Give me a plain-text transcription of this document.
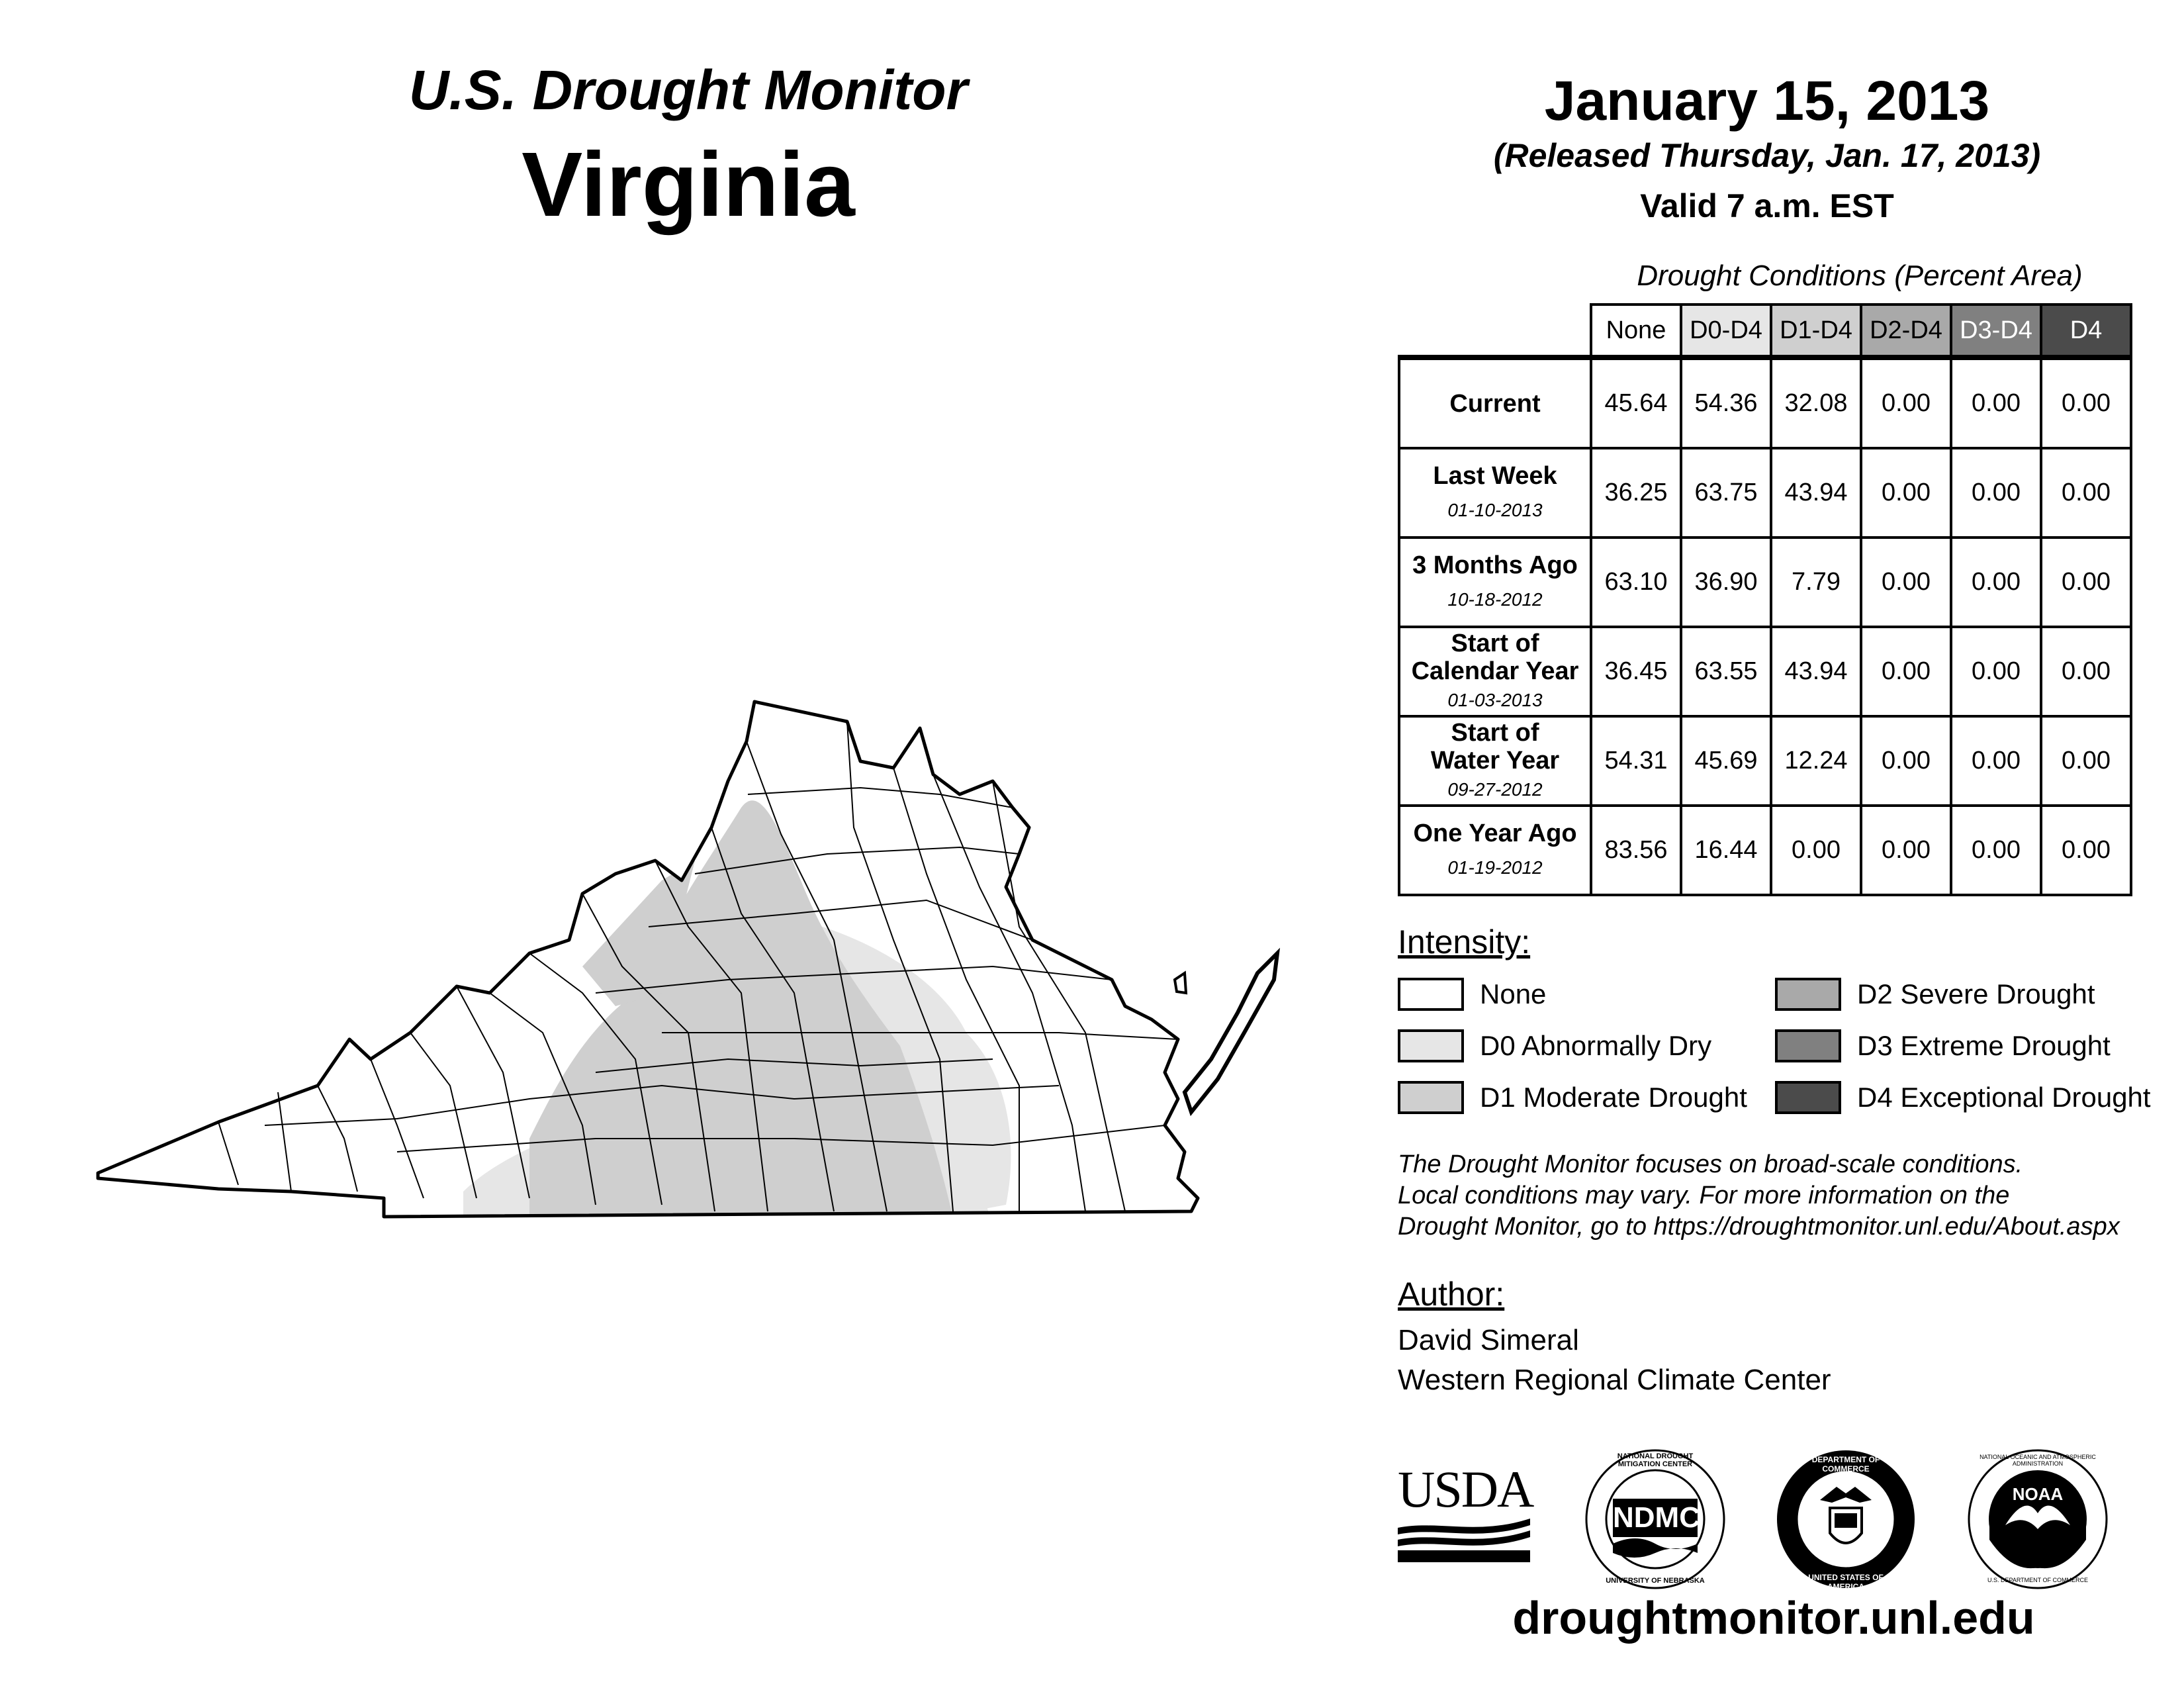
U.S. Drought Monitor
Virginia
January 15, 2013
(Released Thursday, Jan. 17, 2013)
Valid 7 a.m. EST
Drought Conditions (Percent Area)
	None	D0-D4	D1-D4	D2-D4	D3-D4	D4
Current	45.64	54.36	32.08	0.00	0.00	0.00
Last Week
01-10-2013	36.25	63.75	43.94	0.00	0.00	0.00
3 Months Ago
10-18-2012	63.10	36.90	7.79	0.00	0.00	0.00
Start of
Calendar Year
01-03-2013	36.45	63.55	43.94	0.00	0.00	0.00
Start of
Water Year
09-27-2012	54.31	45.69	12.24	0.00	0.00	0.00
One Year Ago
01-19-2012	83.56	16.44	0.00	0.00	0.00	0.00
Intensity:
None
D0 Abnormally Dry
D1 Moderate Drought
D2 Severe Drought
D3 Extreme Drought
D4 Exceptional Drought
The Drought Monitor focuses on broad-scale conditions.
Local conditions may vary. For more information on the
Drought Monitor, go to https://droughtmonitor.unl.edu/About.aspx
Author:
David Simeral
Western Regional Climate Center
USDA	NDMC
NATIONAL DROUGHT MITIGATION CENTER
UNIVERSITY OF NEBRASKA
DEPARTMENT OF COMMERCE
UNITED STATES OF AMERICA
NOAA
NATIONAL OCEANIC AND ATMOSPHERIC ADMINISTRATION
U.S. DEPARTMENT OF COMMERCE
droughtmonitor.unl.edu
